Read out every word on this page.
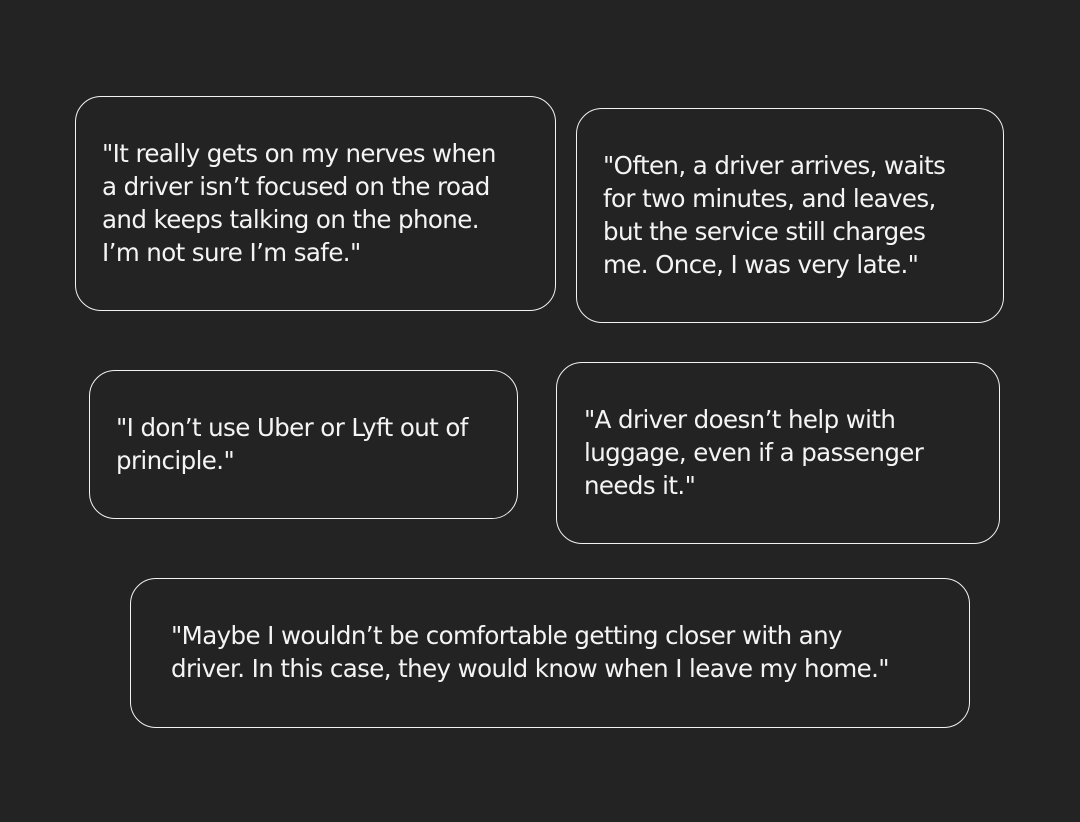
"It really gets on my nerves when
a driver isn’t focused on the road
and keeps talking on the phone.
I’m not sure I’m safe."

"Often, a driver arrives, waits
for two minutes, and leaves,
but the service still charges
me. Once, I was very late."

"I don’t use Uber or Lyft out of
principle."

"A driver doesn’t help with
luggage, even if a passenger
needs it."

"Maybe I wouldn’t be comfortable getting closer with any
driver. In this case, they would know when I leave my home."
